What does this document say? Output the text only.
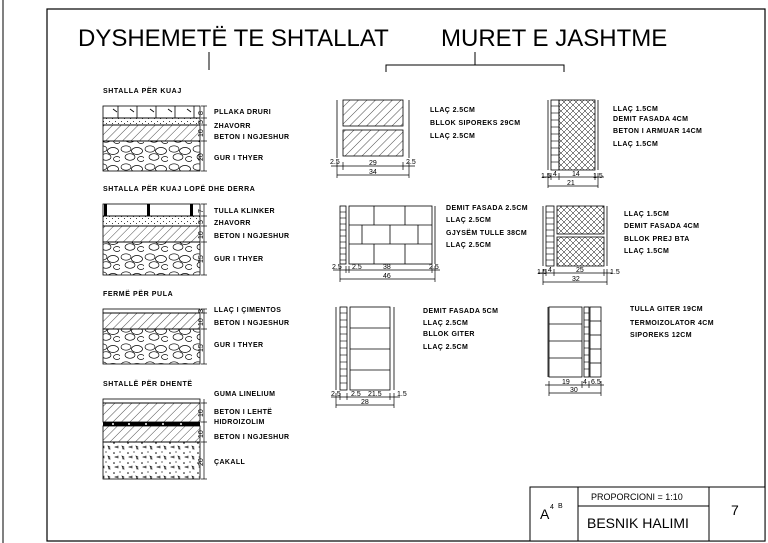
DYSHEMETË TE SHTALLAT MURET E JASHTME
SHTALLA PËR KUAJ
8
5
10
20
PLLAKA DRURI
ZHAVORR
BETON I NGJESHUR
GUR I THYER
SHTALLA PËR KUAJ LOPË DHE DERRA
7
5
10
15
TULLA KLINKER
ZHAVORR
BETON I NGJESHUR
GUR I THYER
FERMË PËR PULA
3
10
15
LLAÇ I ÇIMENTOS
BETON I NGJESHUR
GUR I THYER
SHTALLË PËR DHENTË
10
10
20
GUMA LINELIUM
BETON I LEHTË
HIDROIZOLIM
BETON I NGJESHUR
ÇAKALL
2.5	29	2.5
34
LLAÇ 2.5CM
BLLOK SIPOREKS 29CM
LLAÇ 2.5CM
1.5 4 14 1.5
21
LLAÇ 1.5CM
DEMIT FASADA 4CM
BETON I ARMUAR 14CM
LLAÇ 1.5CM
2.5 2.5	38	2.5
46
DEMIT FASADA 2.5CM
LLAÇ 2.5CM
GJYSËM TULLE 38CM
LLAÇ 2.5CM
1.5 4	25	1.5
32
LLAÇ 1.5CM
DEMIT FASADA 4CM
BLLOK PREJ BTA
LLAÇ 1.5CM
2.5 2.5 21.5 1.5
28
DEMIT FASADA 5CM
LLAÇ 2.5CM
BLLOK GITER
LLAÇ 2.5CM
19 4 6.5
30
TULLA GITER 19CM
TERMOIZOLATOR 4CM
SIPOREKS 12CM
A 4 B
PROPORCIONI = 1:10
BESNIK HALIMI
7
